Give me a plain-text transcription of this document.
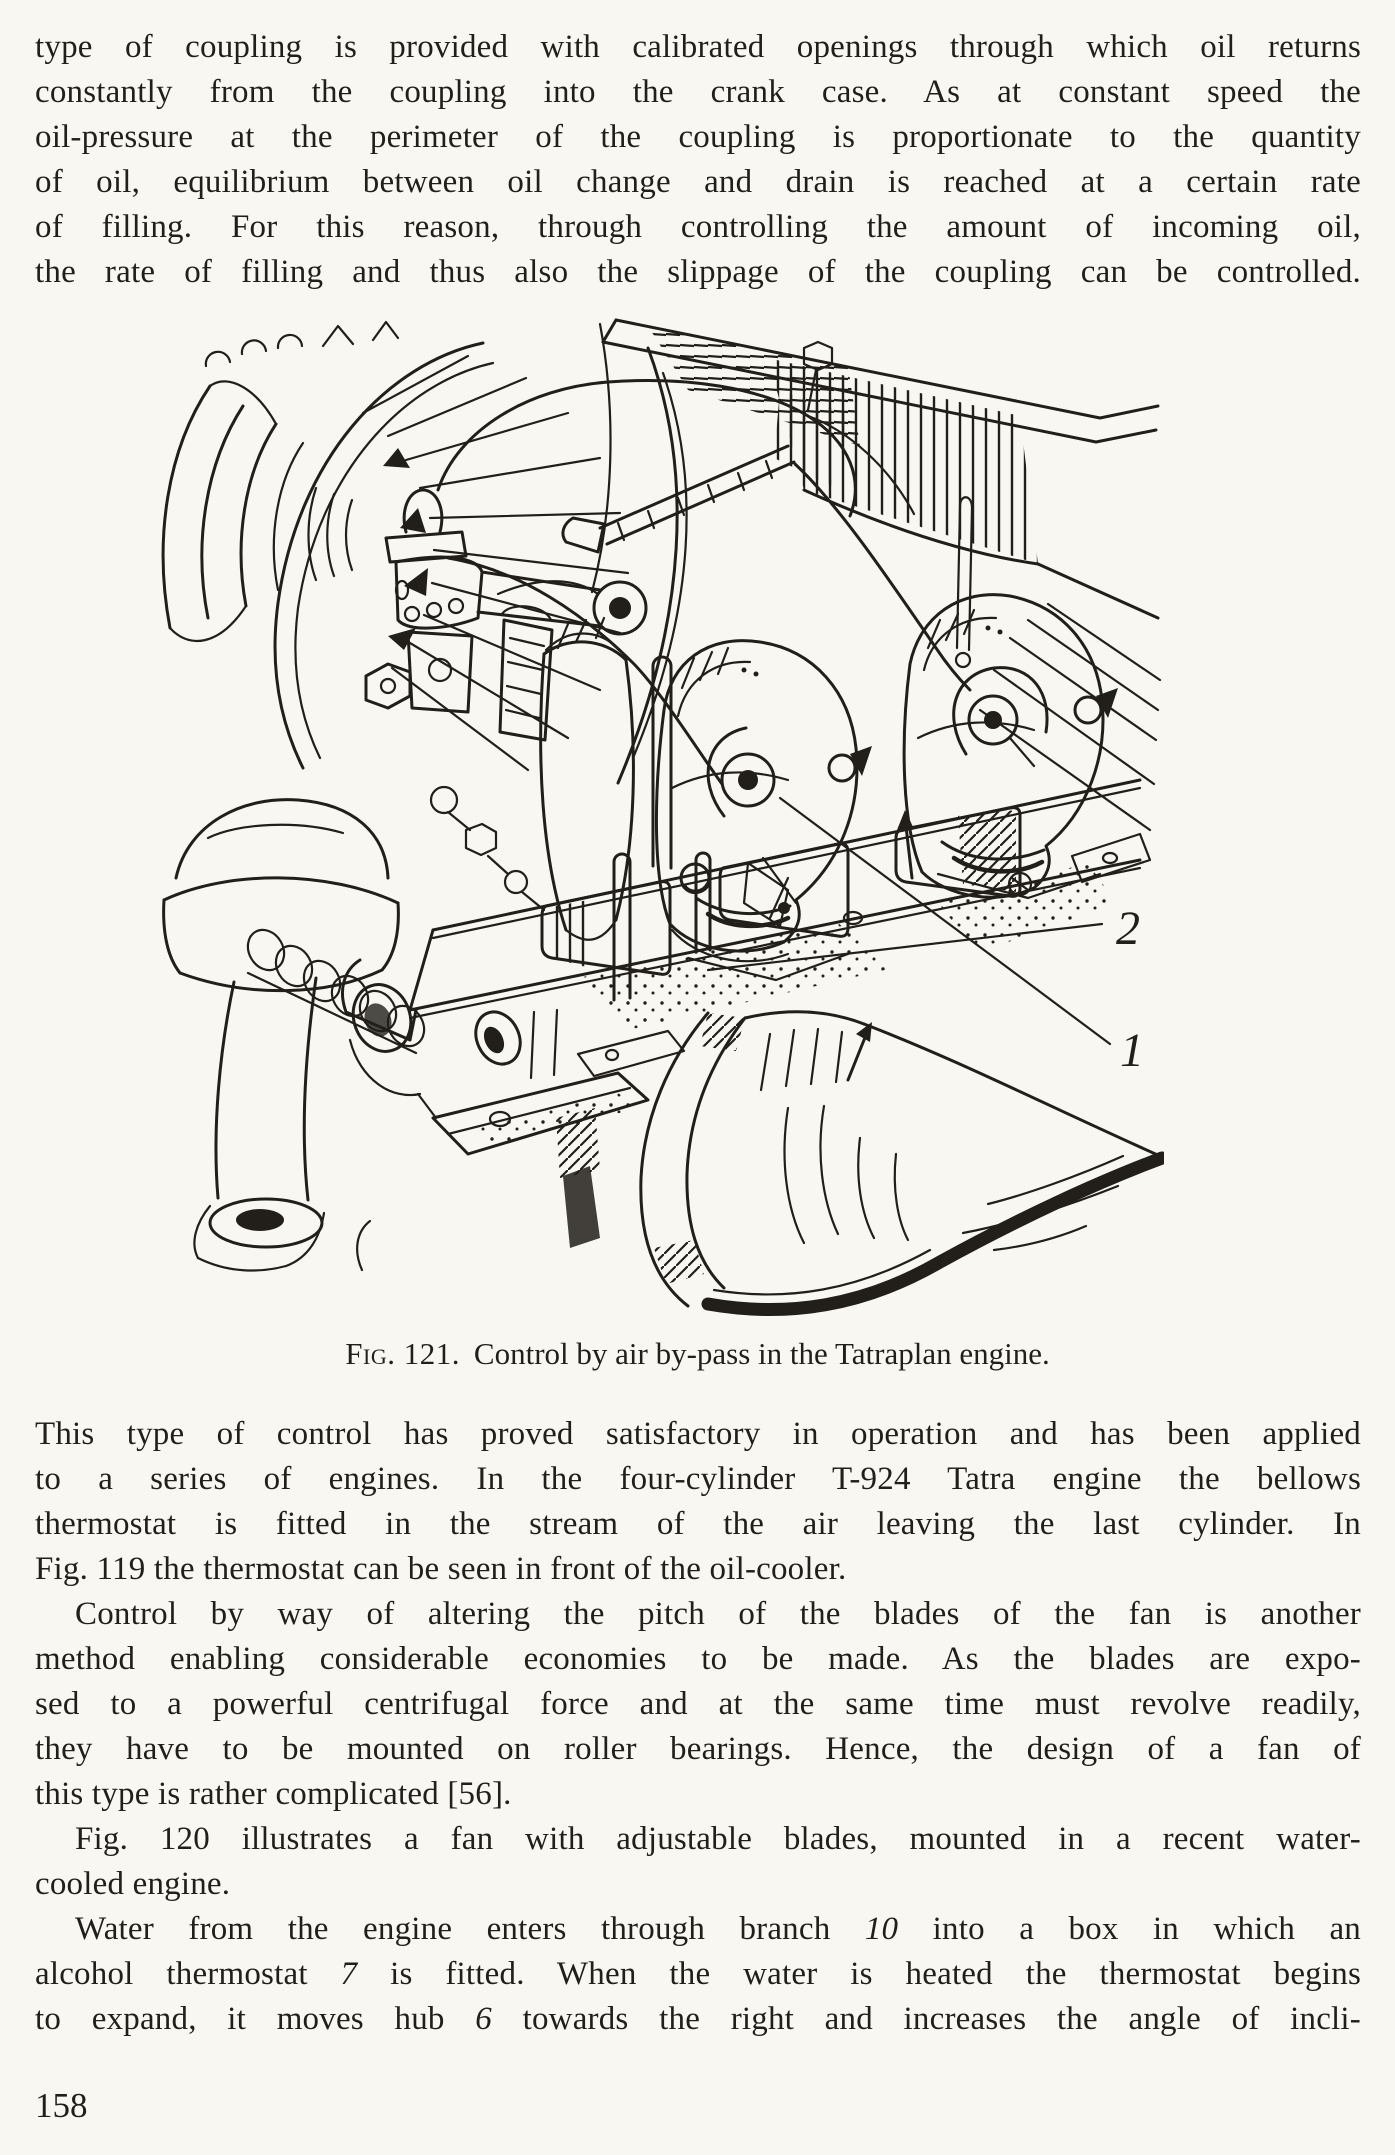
type of coupling is provided with calibrated openings through which oil returns
constantly from the coupling into the crank case. As at constant speed the
oil-pressure at the perimeter of the coupling is proportionate to the quantity
of oil, equilibrium between oil change and drain is reached at a certain rate
of filling. For this reason, through controlling the amount of incoming oil,
the rate of filling and thus also the slippage of the coupling can be controlled.
2
1
Fig. 121. Control by air by-pass in the Tatraplan engine.
This type of control has proved satisfactory in operation and has been applied
to a series of engines. In the four-cylinder T-924 Tatra engine the bellows
thermostat is fitted in the stream of the air leaving the last cylinder. In
Fig. 119 the thermostat can be seen in front of the oil-cooler.
Control by way of altering the pitch of the blades of the fan is another
method enabling considerable economies to be made. As the blades are expo-
sed to a powerful centrifugal force and at the same time must revolve readily,
they have to be mounted on roller bearings. Hence, the design of a fan of
this type is rather complicated [56].
Fig. 120 illustrates a fan with adjustable blades, mounted in a recent water-
cooled engine.
Water from the engine enters through branch 10 into a box in which an
alcohol thermostat 7 is fitted. When the water is heated the thermostat begins
to expand, it moves hub 6 towards the right and increases the angle of incli-
158
